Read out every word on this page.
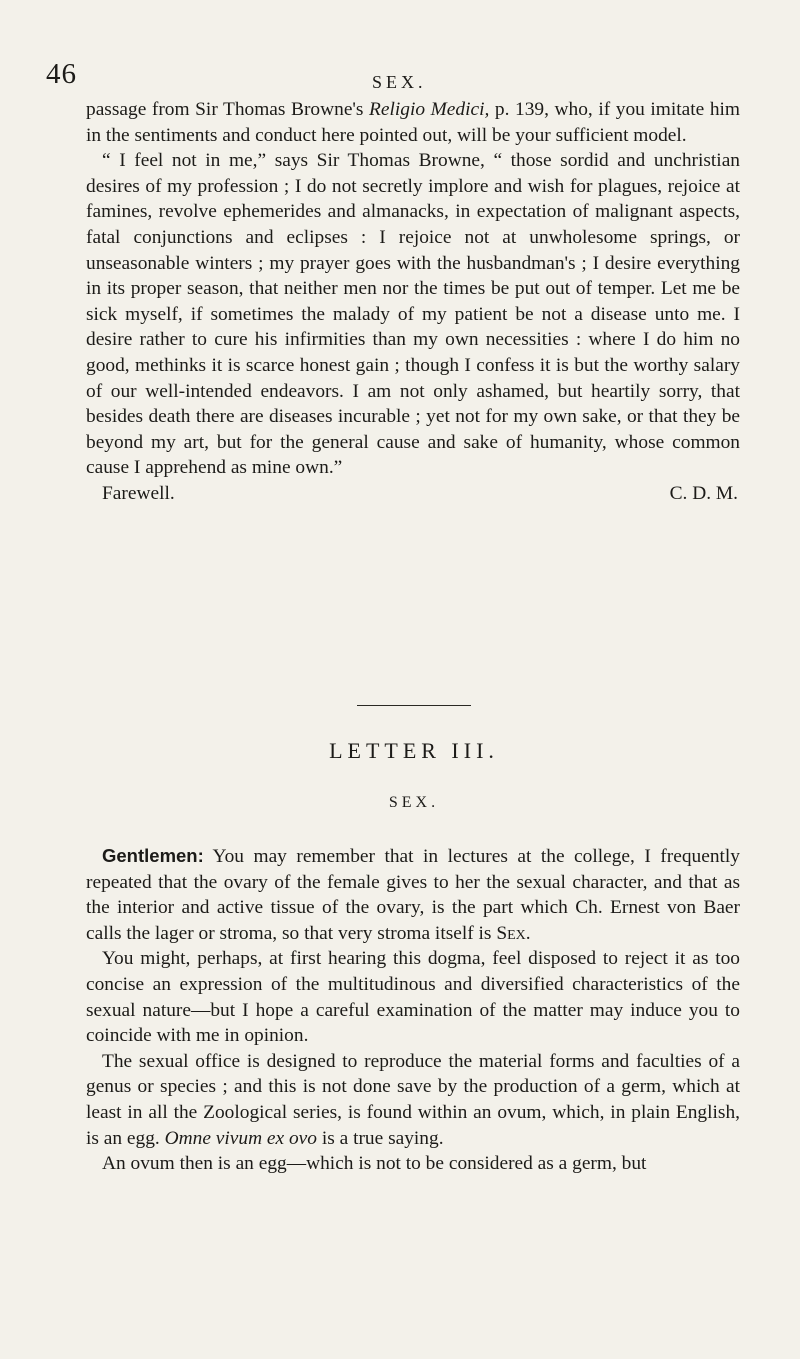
46	SEX.

passage from Sir Thomas Browne's Religio Medici, p. 139, who, if you imitate him in the sentiments and conduct here pointed out, will be your sufficient model.

“ I feel not in me,” says Sir Thomas Browne, “ those sordid and unchristian desires of my profession ; I do not secretly implore and wish for plagues, rejoice at famines, revolve ephemerides and almanacks, in expectation of malignant aspects, fatal conjunctions and eclipses : I rejoice not at unwholesome springs, or unseasonable winters ; my prayer goes with the husbandman's ; I desire everything in its proper season, that neither men nor the times be put out of temper. Let me be sick myself, if sometimes the malady of my patient be not a disease unto me. I desire rather to cure his infirmities than my own necessities : where I do him no good, methinks it is scarce honest gain ; though I confess it is but the worthy salary of our well-intended endeavors. I am not only ashamed, but heartily sorry, that besides death there are diseases incurable ; yet not for my own sake, or that they be beyond my art, but for the general cause and sake of humanity, whose common cause I apprehend as mine own.”

Farewell.	C. D. M.
LETTER III.
SEX.

Gentlemen: You may remember that in lectures at the college, I frequently repeated that the ovary of the female gives to her the sexual character, and that as the interior and active tissue of the ovary, is the part which Ch. Ernest von Baer calls the lager or stroma, so that very stroma itself is Sex.

You might, perhaps, at first hearing this dogma, feel disposed to reject it as too concise an expression of the multitudinous and diversified characteristics of the sexual nature—but I hope a careful examination of the matter may induce you to coincide with me in opinion.

The sexual office is designed to reproduce the material forms and faculties of a genus or species ; and this is not done save by the production of a germ, which at least in all the Zoological series, is found within an ovum, which, in plain English, is an egg. Omne vivum ex ovo is a true saying.

An ovum then is an egg—which is not to be considered as a germ, but
